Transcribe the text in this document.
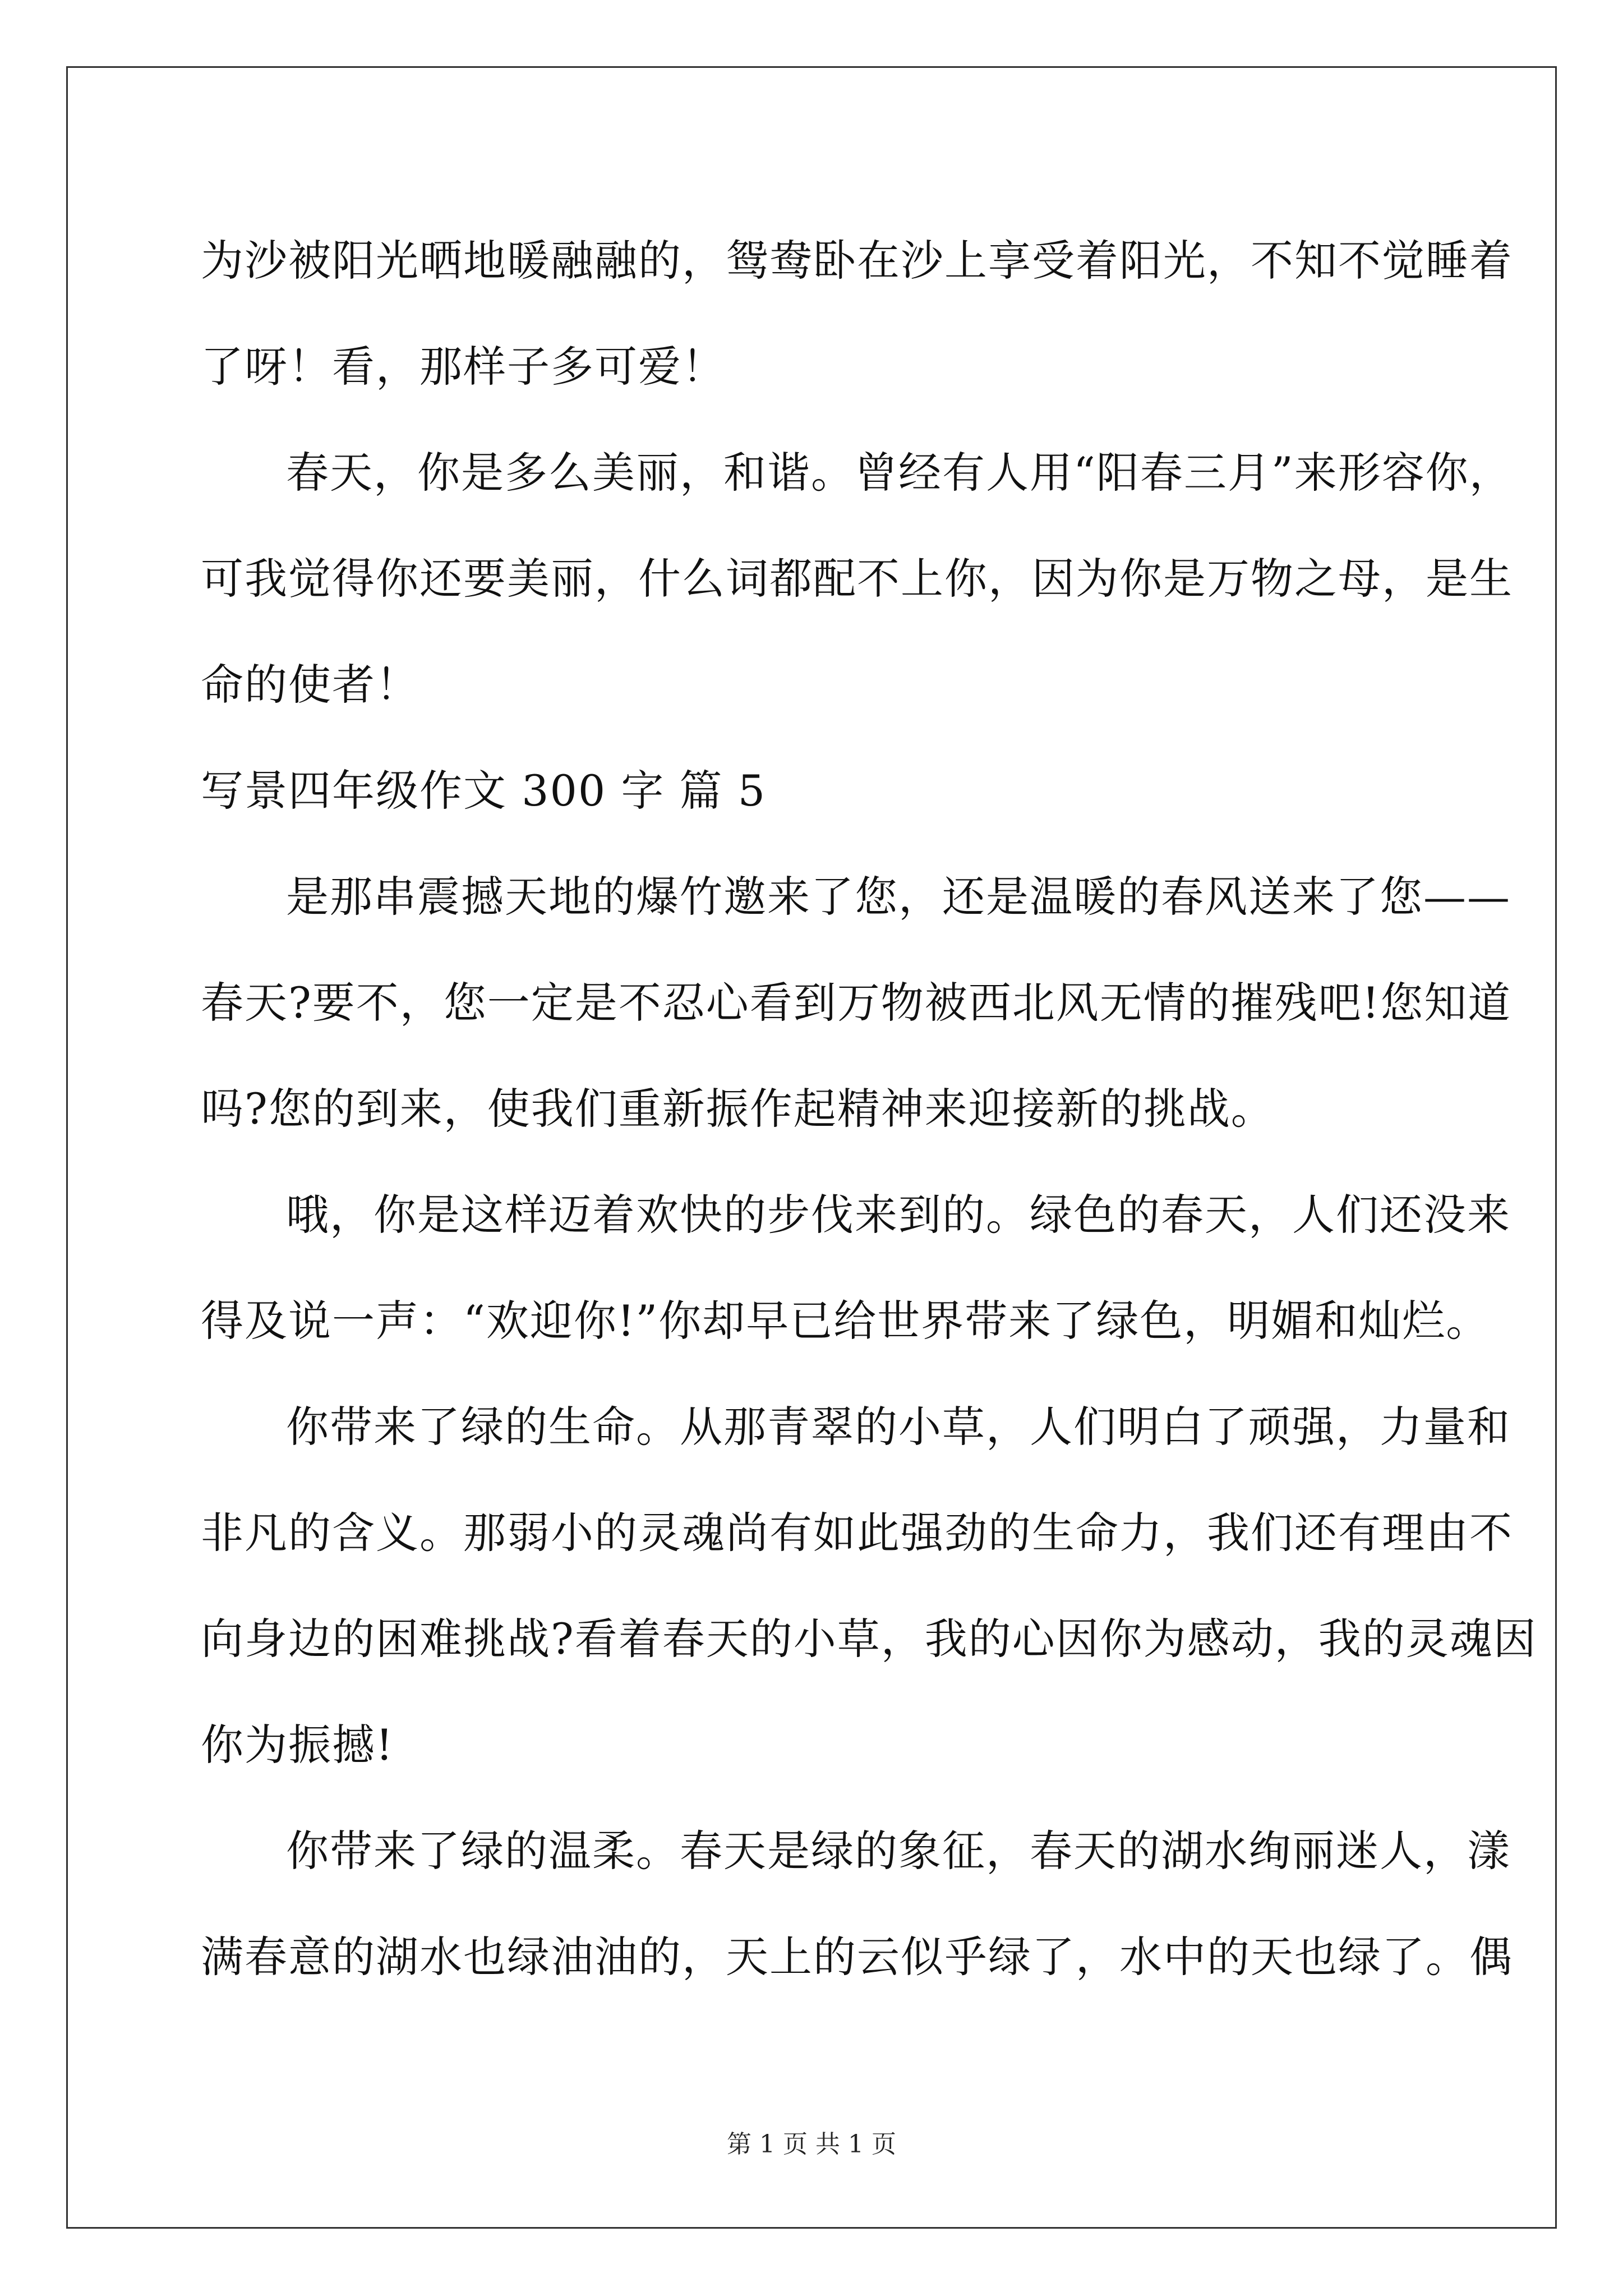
为沙被阳光晒地暖融融的，鸳鸯卧在沙上享受着阳光，不知不觉睡着
了呀！看，那样子多可爱！
春天，你是多么美丽，和谐。曾经有人用“阳春三月”来形容你，
可我觉得你还要美丽，什么词都配不上你，因为你是万物之母，是生
命的使者！
写景四年级作文 300 字 篇 5
是那串震撼天地的爆竹邀来了您，还是温暖的春风送来了您——
春天?要不，您一定是不忍心看到万物被西北风无情的摧残吧!您知道
吗?您的到来，使我们重新振作起精神来迎接新的挑战。
哦，你是这样迈着欢快的步伐来到的。绿色的春天，人们还没来
得及说一声：“欢迎你!”你却早已给世界带来了绿色，明媚和灿烂。
你带来了绿的生命。从那青翠的小草，人们明白了顽强，力量和
非凡的含义。那弱小的灵魂尚有如此强劲的生命力，我们还有理由不
向身边的困难挑战?看着春天的小草，我的心因你为感动，我的灵魂因
你为振撼!
你带来了绿的温柔。春天是绿的象征，春天的湖水绚丽迷人，漾
满春意的湖水也绿油油的，天上的云似乎绿了，水中的天也绿了。偶
第 1 页 共 1 页
